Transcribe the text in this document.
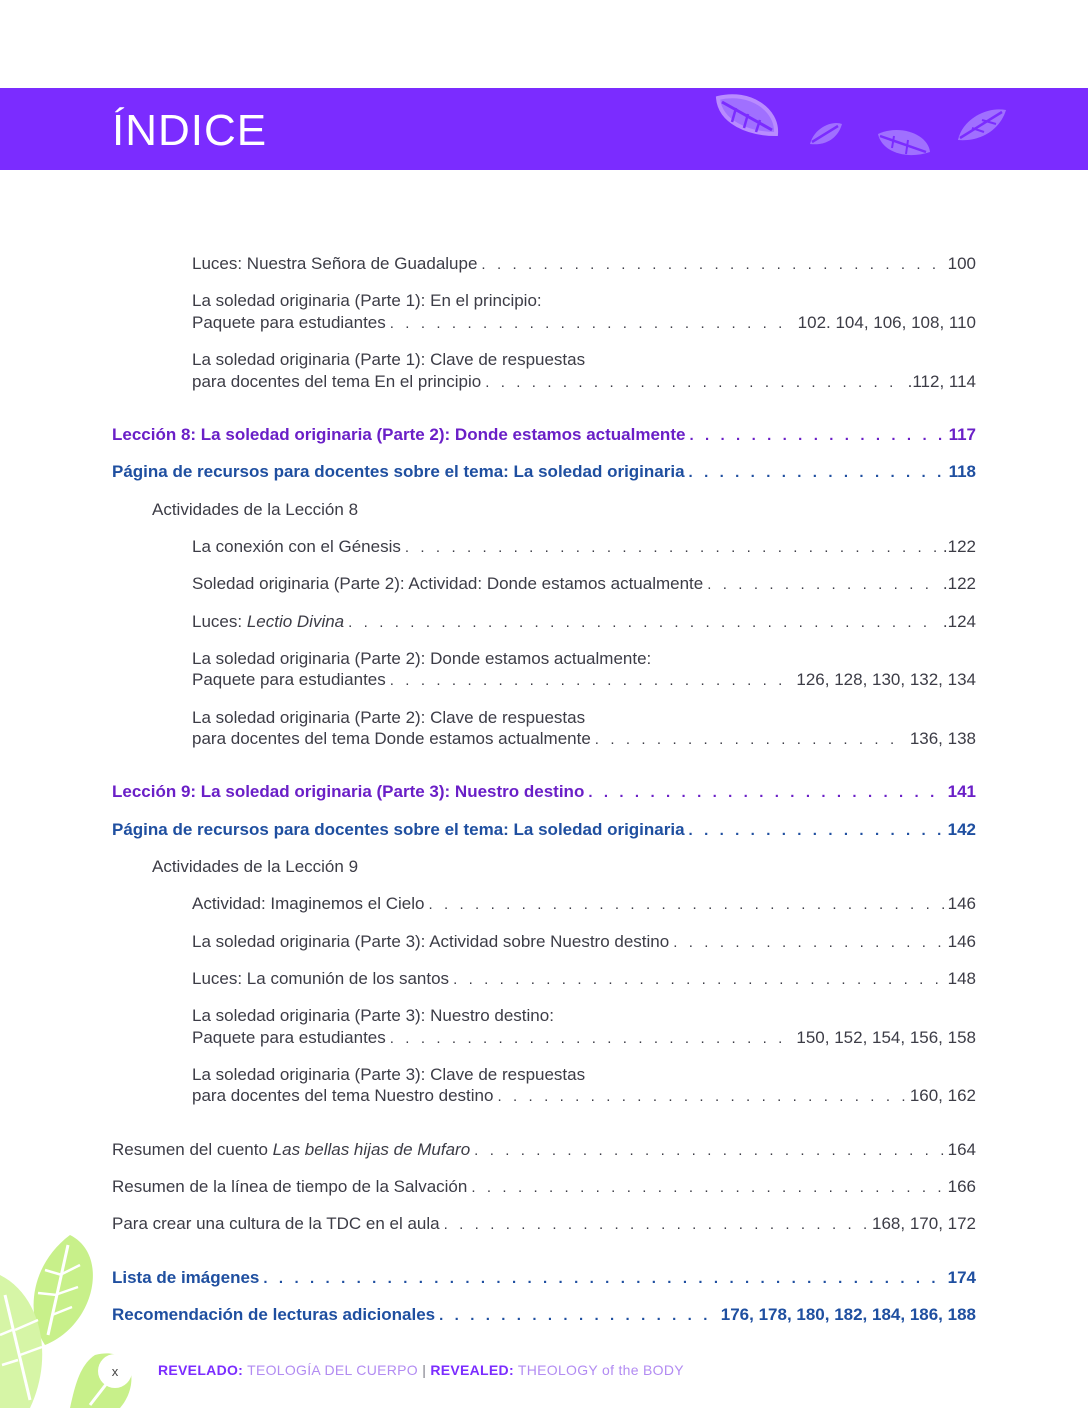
ÍNDICE
Luces: Nuestra Señora de Guadalupe . . .	100
La soledad originaria (Parte 1): En el principio:
Paquete para estudiantes . . .	102. 104, 106, 108, 110
La soledad originaria (Parte 1): Clave de respuestas
para docentes del tema En el principio . . .	.112, 114
Lección 8: La soledad originaria (Parte 2): Donde estamos actualmente . . .	117
Página de recursos para docentes sobre el tema: La soledad originaria . . .	118
Actividades de la Lección 8
La conexión con el Génesis . . .	.122
Soledad originaria (Parte 2): Actividad: Donde estamos actualmente . . .	.122
Luces: Lectio Divina . . .	.124
La soledad originaria (Parte 2): Donde estamos actualmente:
Paquete para estudiantes . . .	126, 128, 130, 132, 134
La soledad originaria (Parte 2): Clave de respuestas
para docentes del tema Donde estamos actualmente . . .	136, 138
Lección 9: La soledad originaria (Parte 3): Nuestro destino . . .	141
Página de recursos para docentes sobre el tema: La soledad originaria . . .	142
Actividades de la Lección 9
Actividad: Imaginemos el Cielo . . .	146
La soledad originaria (Parte 3): Actividad sobre Nuestro destino . . .	146
Luces: La comunión de los santos . . .	148
La soledad originaria (Parte 3): Nuestro destino:
Paquete para estudiantes . . .	150, 152, 154, 156, 158
La soledad originaria (Parte 3): Clave de respuestas
para docentes del tema Nuestro destino . . .	160, 162
Resumen del cuento Las bellas hijas de Mufaro . . .	164
Resumen de la línea de tiempo de la Salvación . . .	166
Para crear una cultura de la TDC en el aula . . .	168, 170, 172
Lista de imágenes . . .	174
Recomendación de lecturas adicionales . . .	176, 178, 180, 182, 184, 186, 188
x	REVELADO: TEOLOGÍA DEL CUERPO | REVEALED: THEOLOGY of the BODY
